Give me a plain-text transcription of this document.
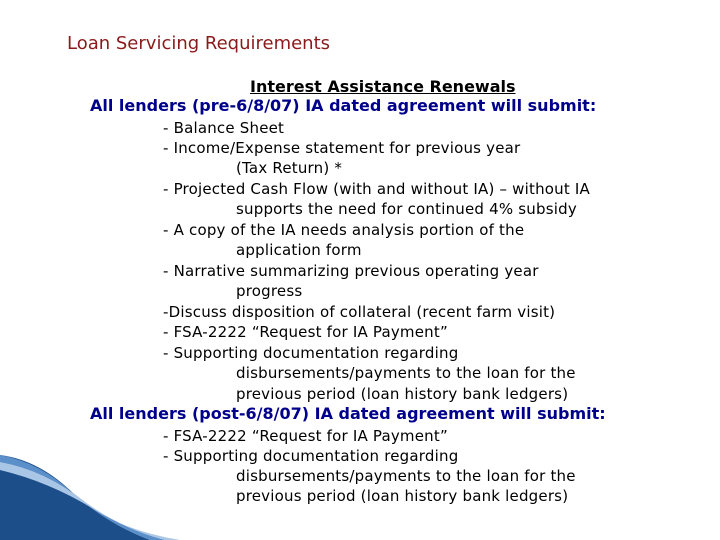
Loan Servicing Requirements
Interest Assistance Renewals
All lenders (pre-6/8/07) IA dated agreement will submit:
- Balance Sheet
- Income/Expense statement for previous year
(Tax Return) *
- Projected Cash Flow (with and without IA) – without IA
supports the need for continued 4% subsidy
- A copy of the IA needs analysis portion of the
application form
- Narrative summarizing previous operating year
progress
-Discuss disposition of collateral (recent farm visit)
- FSA-2222 “Request for IA Payment”
- Supporting documentation regarding
disbursements/payments to the loan for the
previous period (loan history bank ledgers)
All lenders (post-6/8/07) IA dated agreement will submit:
- FSA-2222 “Request for IA Payment”
- Supporting documentation regarding
disbursements/payments to the loan for the
previous period (loan history bank ledgers)
